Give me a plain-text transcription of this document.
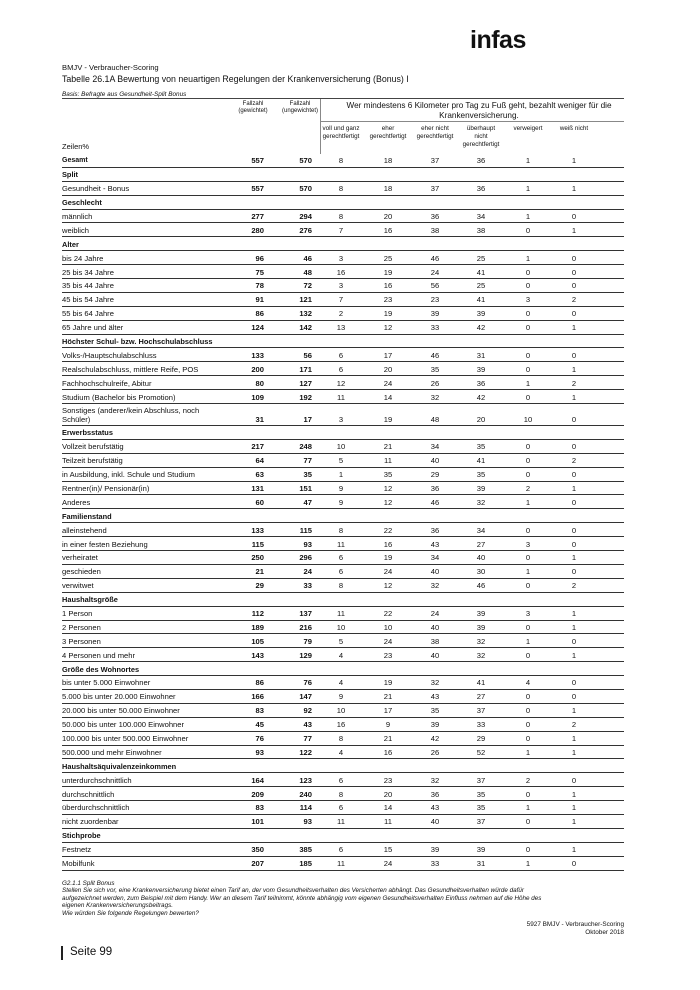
infas
BMJV - Verbraucher-Scoring
Tabelle 26.1A Bewertung von neuartigen Regelungen der Krankenversicherung (Bonus) I
Basis: Befragte aus Gesundheit-Split Bonus
Fallzahl
(gewichtet)
Fallzahl
(ungewichtet)
Wer mindestens 6 Kilometer pro Tag zu Fuß geht, bezahlt weniger für die
Krankenversicherung.
voll und ganz
gerechtfertigt
eher
gerechtfertigt
eher nicht
gerechtfertigt
überhaupt
nicht
gerechtfertigt
verweigert	weiß nicht
Zeilen%
Gesamt	557	570	8	18	37	36	1	1
Split
Gesundheit - Bonus	557	570	8	18	37	36	1	1
Geschlecht
männlich	277	294	8	20	36	34	1	0
weiblich	280	276	7	16	38	38	0	1
Alter
bis 24 Jahre	96	46	3	25	46	25	1	0
25 bis 34 Jahre	75	48	16	19	24	41	0	0
35 bis 44 Jahre	78	72	3	16	56	25	0	0
45 bis 54 Jahre	91	121	7	23	23	41	3	2
55 bis 64 Jahre	86	132	2	19	39	39	0	0
65 Jahre und älter	124	142	13	12	33	42	0	1
Höchster Schul- bzw. Hochschulabschluss
Volks-/Hauptschulabschluss	133	56	6	17	46	31	0	0
Realschulabschluss, mittlere Reife, POS	200	171	6	20	35	39	0	1
Fachhochschulreife, Abitur	80	127	12	24	26	36	1	2
Studium (Bachelor bis Promotion)	109	192	11	14	32	42	0	1
Sonstiges (anderer/kein Abschluss, noch Schüler)	31	17	3	19	48	20	10	0
Erwerbsstatus
Vollzeit berufstätig	217	248	10	21	34	35	0	0
Teilzeit berufstätig	64	77	5	11	40	41	0	2
in Ausbildung, inkl. Schule und Studium	63	35	1	35	29	35	0	0
Rentner(in)/ Pensionär(in)	131	151	9	12	36	39	2	1
Anderes	60	47	9	12	46	32	1	0
Familienstand
alleinstehend	133	115	8	22	36	34	0	0
in einer festen Beziehung	115	93	11	16	43	27	3	0
verheiratet	250	296	6	19	34	40	0	1
geschieden	21	24	6	24	40	30	1	0
verwitwet	29	33	8	12	32	46	0	2
Haushaltsgröße
1 Person	112	137	11	22	24	39	3	1
2 Personen	189	216	10	10	40	39	0	1
3 Personen	105	79	5	24	38	32	1	0
4 Personen und mehr	143	129	4	23	40	32	0	1
Größe des Wohnortes
bis unter 5.000 Einwohner	86	76	4	19	32	41	4	0
5.000 bis unter 20.000 Einwohner	166	147	9	21	43	27	0	0
20.000 bis unter 50.000 Einwohner	83	92	10	17	35	37	0	1
50.000 bis unter 100.000 Einwohner	45	43	16	9	39	33	0	2
100.000 bis unter 500.000 Einwohner	76	77	8	21	42	29	0	1
500.000 und mehr Einwohner	93	122	4	16	26	52	1	1
Haushaltsäquivalenzeinkommen
unterdurchschnittlich	164	123	6	23	32	37	2	0
durchschnittlich	209	240	8	20	36	35	0	1
überdurchschnittlich	83	114	6	14	43	35	1	1
nicht zuordenbar	101	93	11	11	40	37	0	1
Stichprobe
Festnetz	350	385	6	15	39	39	0	1
Mobilfunk	207	185	11	24	33	31	1	0
G2.1.1 Split Bonus
Stellen Sie sich vor, eine Krankenversicherung bietet einen Tarif an, der vom Gesundheitsverhalten des Versicherten abhängt. Das Gesundheitsverhalten würde dafür
aufgezeichnet werden, zum Beispiel mit dem Handy. Wer an diesem Tarif teilnimmt, könnte abhängig vom eigenen Gesundheitsverhalten Einfluss nehmen auf die Höhe des
eigenen Krankenversicherungsbeitrags.
Wie würden Sie folgende Regelungen bewerten?
5927 BMJV - Verbraucher-Scoring
Oktober 2018
Seite 99
